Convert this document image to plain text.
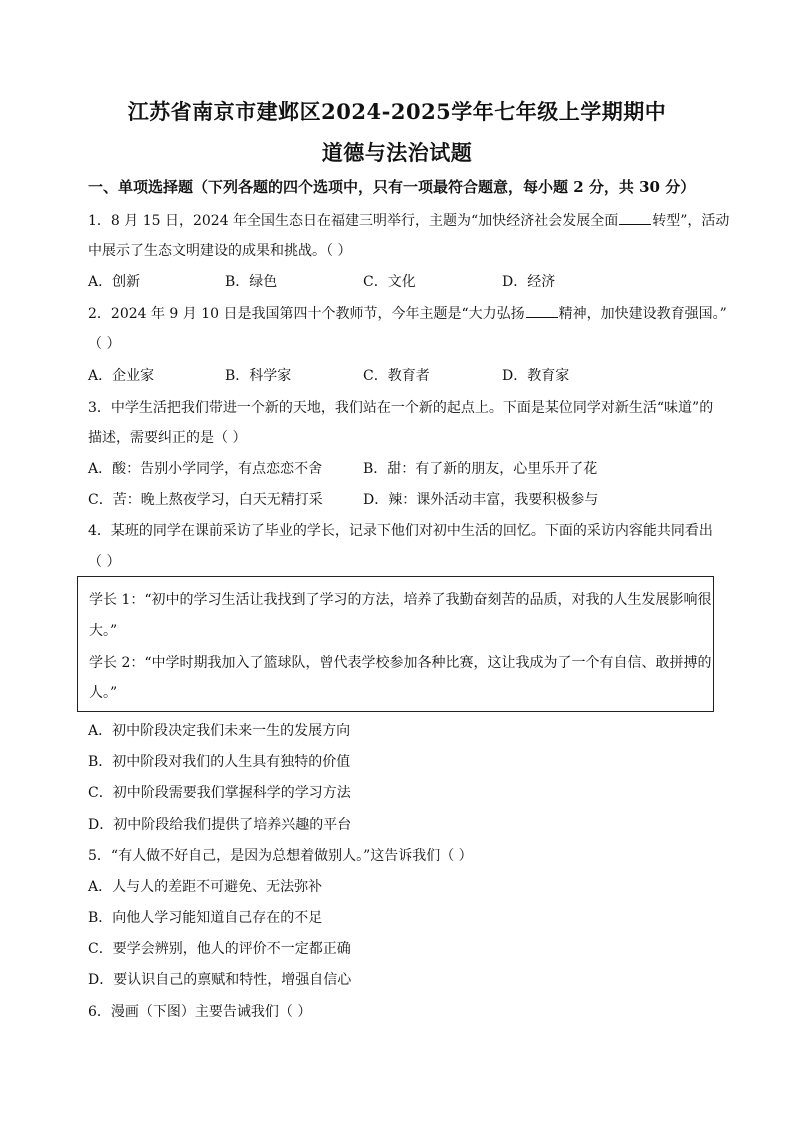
江苏省南京市建邺区2024-2025学年七年级上学期期中
道德与法治试题
一、单项选择题（下列各题的四个选项中，只有一项最符合题意，每小题 2 分，共 30 分）
1．8 月 15 日，2024 年全国生态日在福建三明举行，主题为“加快经济社会发展全面 转型”，活动
中展示了生态文明建设的成果和挑战。（ ）
A．创新	B．绿色	C．文化	D．经济
2．2024 年 9 月 10 日是我国第四十个教师节，今年主题是“大力弘扬 精神，加快建设教育强国。”
（ ）
A．企业家	B．科学家	C．教育者	D．教育家
3．中学生活把我们带进一个新的天地，我们站在一个新的起点上。下面是某位同学对新生活“味道”的
描述，需要纠正的是（ ）
A．酸：告别小学同学，有点恋恋不舍	B．甜：有了新的朋友，心里乐开了花
C．苦：晚上熬夜学习，白天无精打采	D．辣：课外活动丰富，我要积极参与
4．某班的同学在课前采访了毕业的学长，记录下他们对初中生活的回忆。下面的采访内容能共同看出
（ ）
学长 1：“初中的学习生活让我找到了学习的方法，培养了我勤奋刻苦的品质，对我的人生发展影响很
大。”
学长 2：“中学时期我加入了篮球队，曾代表学校参加各种比赛，这让我成为了一个有自信、敢拼搏的
人。”
A．初中阶段决定我们未来一生的发展方向
B．初中阶段对我们的人生具有独特的价值
C．初中阶段需要我们掌握科学的学习方法
D．初中阶段给我们提供了培养兴趣的平台
5．“有人做不好自己，是因为总想着做别人。”这告诉我们（ ）
A．人与人的差距不可避免、无法弥补
B．向他人学习能知道自己存在的不足
C．要学会辨别，他人的评价不一定都正确
D．要认识自己的禀赋和特性，增强自信心
6．漫画（下图）主要告诫我们（ ）
